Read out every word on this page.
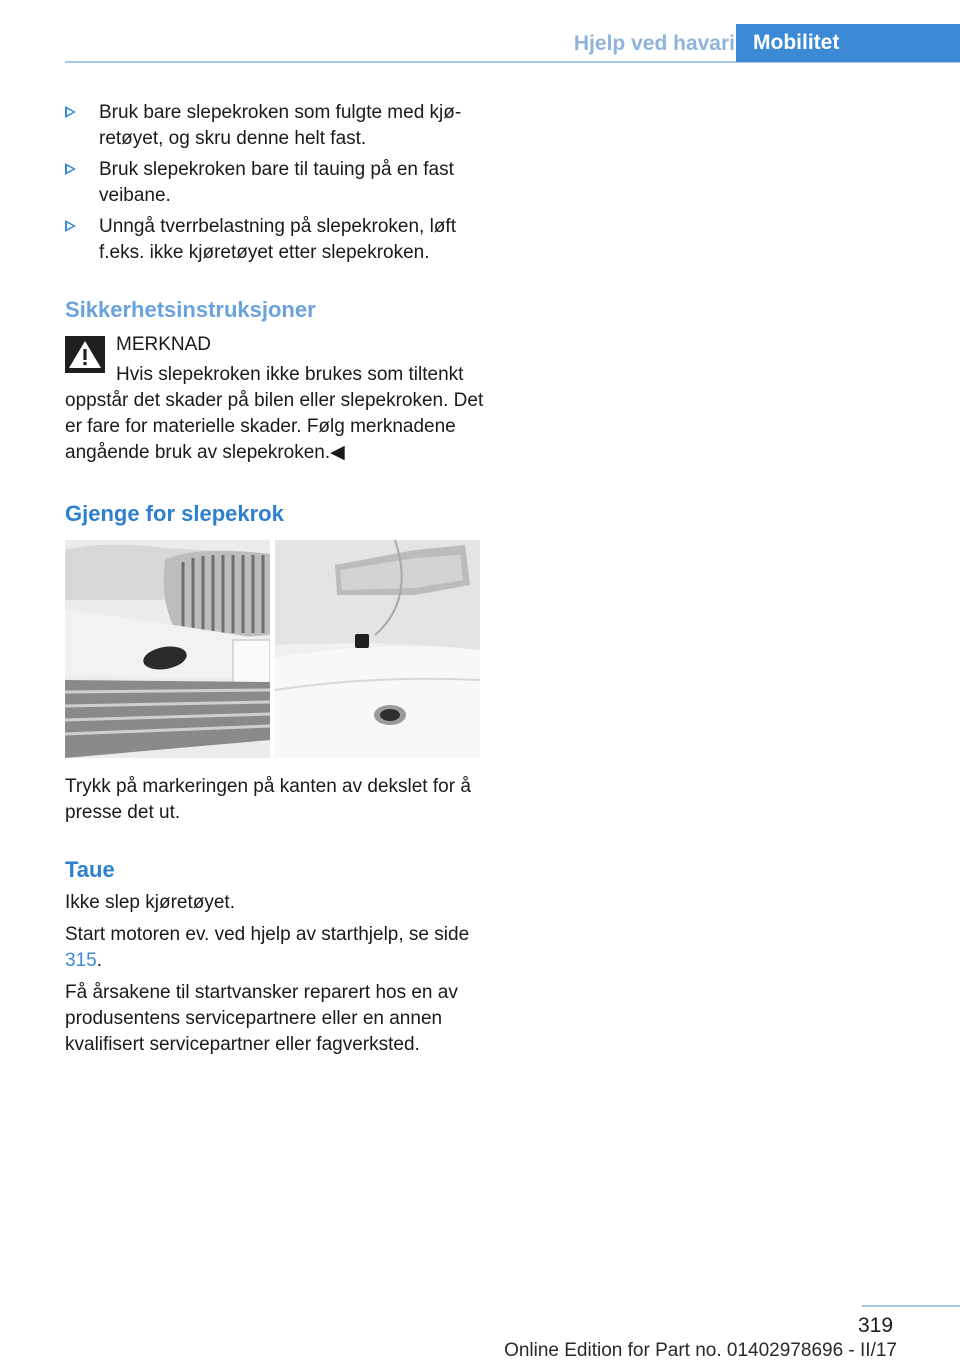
Hjelp ved havari Mobilitet
Bruk bare slepekroken som fulgte med kjøretøyet, og skru denne helt fast.
Bruk slepekroken bare til tauing på en fast veibane.
Unngå tverrbelastning på slepekroken, løft f.eks. ikke kjøretøyet etter slepekroken.
Sikkerhetsinstruksjoner
MERKNAD

Hvis slepekroken ikke brukes som tiltenkt oppstår det skader på bilen eller slepekroken. Det er fare for materielle skader. Følg merknadene angående bruk av slepekroken.◀

Gjenge for slepekrok

Trykk på markeringen på kanten av dekslet for å presse det ut.

Taue

Ikke slep kjøretøyet.

Start motoren ev. ved hjelp av starthjelp, se side 315.

Få årsakene til startvansker reparert hos en av produsentens servicepartnere eller en annen kvalifisert servicepartner eller fagverksted.

319
Online Edition for Part no. 01402978696 - II/17
